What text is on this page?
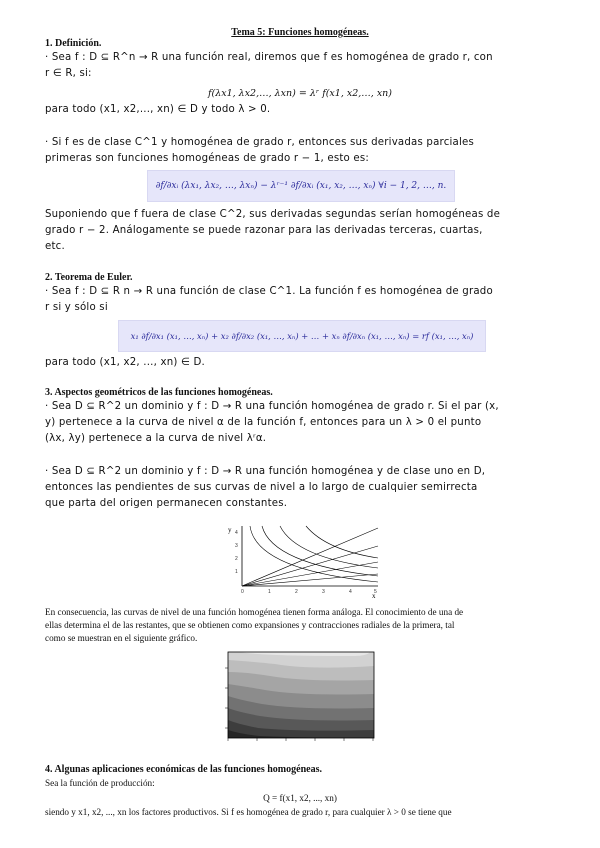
Tema 5: Funciones homogéneas.
1. Definición.
· Sea f : D ⊆ R^n → R una función real, diremos que f es homogénea de grado r, con
r ∈ R, si:
f(λx1, λx2,…, λxn) = λʳ f(x1, x2,…, xn)
para todo (x1, x2,..., xn) ∈ D y todo λ > 0.
· Si f es de clase C^1 y homogénea de grado r, entonces sus derivadas parciales
primeras son funciones homogéneas de grado r − 1, esto es:
∂f/∂xᵢ (λx₁, λx₂, …, λxₙ) − λʳ⁻¹ ∂f/∂xᵢ (x₁, x₂, …, xₙ) ∀i − 1, 2, …, n.
Suponiendo que f fuera de clase C^2, sus derivadas segundas serían homogéneas de
grado r − 2. Análogamente se puede razonar para las derivadas terceras, cuartas,
etc.
2. Teorema de Euler.
· Sea f : D ⊆ R n → R una función de clase C^1. La función f es homogénea de grado
r si y sólo si
x₁ ∂f/∂x₁ (x₁, …, xₙ) + x₂ ∂f/∂x₂ (x₁, …, xₙ) + … + xₙ ∂f/∂xₙ (x₁, …, xₙ) = rf (x₁, …, xₙ)
para todo (x1, x2, ..., xn) ∈ D.
3. Aspectos geométricos de las funciones homogéneas.
· Sea D ⊆ R^2 un dominio y f : D → R una función homogénea de grado r. Si el par (x,
y) pertenece a la curva de nivel α de la función f, entonces para un λ > 0 el punto
(λx, λy) pertenece a la curva de nivel λʳα.
· Sea D ⊆ R^2 un dominio y f : D → R una función homogénea y de clase uno en D,
entonces las pendientes de sus curvas de nivel a lo largo de cualquier semirrecta
que parta del origen permanecen constantes.
y
x
1
2
3
4
0	1	2	3	4	5
En consecuencia, las curvas de nivel de una función homogénea tienen forma análoga. El conocimiento de una de
ellas determina el de las restantes, que se obtienen como expansiones y contracciones radiales de la primera, tal
como se muestran en el siguiente gráfico.
4. Algunas aplicaciones económicas de las funciones homogéneas.
Sea la función de producción:
Q = f(x1, x2, ..., xn)
siendo y x1, x2, ..., xn los factores productivos. Si f es homogénea de grado r, para cualquier λ > 0 se tiene que
